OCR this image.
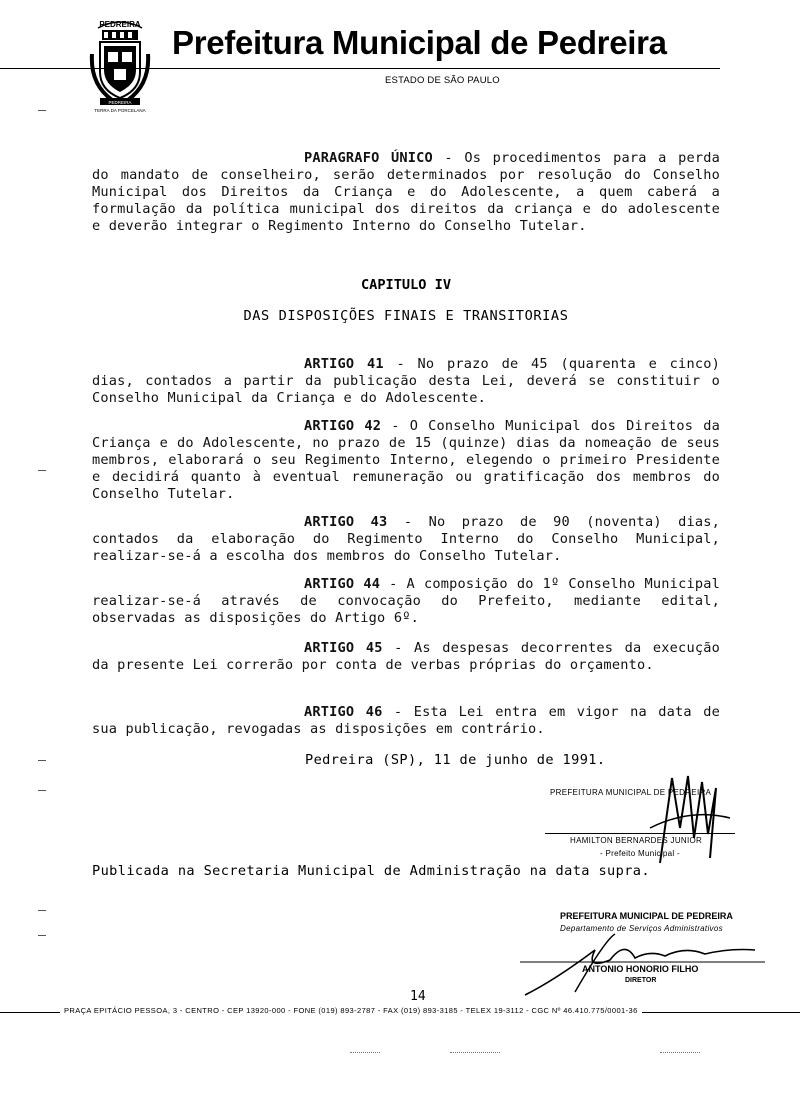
PEDREIRA
PEDREIRA
TERRA DA PORCELANA
Prefeitura Municipal de Pedreira
ESTADO DE SÃO PAULO
PARAGRAFO ÚNICO - Os procedimentos para a perda do mandato de conselheiro, serão determinados por resolução do Conselho Municipal dos Direitos da Criança e do Adolescente, a quem caberá a formulação da política municipal dos direitos da criança e do adolescente e deverão integrar o Regimento Interno do Conselho Tutelar.
CAPITULO IV
DAS DISPOSIÇÕES FINAIS E TRANSITORIAS
ARTIGO 41 - No prazo de 45 (quarenta e cinco) dias, contados a partir da publicação desta Lei, deverá se constituir o Conselho Municipal da Criança e do Adolescente.
ARTIGO 42 - O Conselho Municipal dos Direitos da Criança e do Adolescente, no prazo de 15 (quinze) dias da nomeação de seus membros, elaborará o seu Regimento Interno, elegendo o primeiro Presidente e decidirá quanto à eventual remuneração ou gratificação dos membros do Conselho Tutelar.
ARTIGO 43 - No prazo de 90 (noventa) dias, contados da elaboração do Regimento Interno do Conselho Municipal, realizar-se-á a escolha dos membros do Conselho Tutelar.
ARTIGO 44 - A composição do 1º Conselho Municipal realizar-se-á através de convocação do Prefeito, mediante edital, observadas as disposições do Artigo 6º.
ARTIGO 45 - As despesas decorrentes da execução da presente Lei correrão por conta de verbas próprias do orçamento.
ARTIGO 46 - Esta Lei entra em vigor na data de sua publicação, revogadas as disposições em contrário.
Pedreira (SP), 11 de junho de 1991.
PREFEITURA MUNICIPAL DE PEDREIRA
HAMILTON BERNARDES JUNIOR
- Prefeito Municipal -
Publicada na Secretaria Municipal de Administração na data supra.
PREFEITURA MUNICIPAL DE PEDREIRA
Departamento de Serviços Administrativos
ANTONIO HONORIO FILHO
DIRETOR
14
PRAÇA EPITÁCIO PESSOA, 3 - CENTRO - CEP 13920-000 - FONE (019) 893-2787 - FAX (019) 893-3185 - TELEX 19-3112 - CGC Nº 46.410.775/0001-36
